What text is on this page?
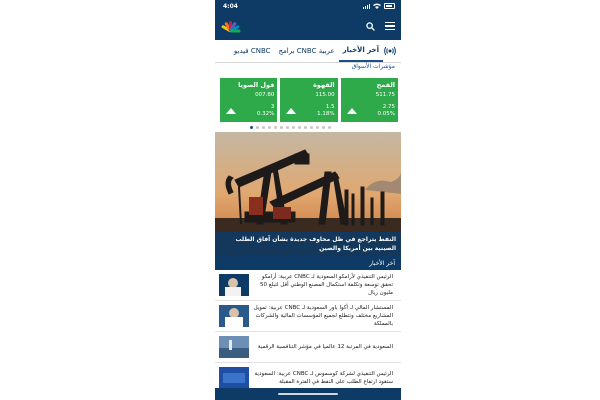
4:04
فيديو CNBC	برامج CNBC عربية	آخر الأخبار
مؤشرات الأسواق
فول الصويا
007.80
3
0.32%
القهوة
115.00
1.5
1.18%
القمح
511.75
2.75
0.05%
النفط يتراجع في ظل مخاوف جديدة بشأن آفاق الطلب الصينية بين أمريكا والصين
آخر الأخبار
الرئيس التنفيذي لأرامكو السعودية لـ CNBC عربية: أرامكو تحقق توسعة وتكلفة استكمال المصنع الوطني أقل لتبلغ 50 مليون ريال
المستشار المالي لـ أكوا باور السعودية لـ CNBC عربية: تمويل المشاريع مختلف ونتطلع لجميع المؤسسات المالية والشركات بالمملكة
السعودية في المرتبة 12 عالميا في مؤشر التنافسية الرقمية
الرئيس التنفيذي لشركة كوسموس لـ CNBC عربية: السعودية ستقود ارتفاع الطلب على النفط في الفترة المقبلة
